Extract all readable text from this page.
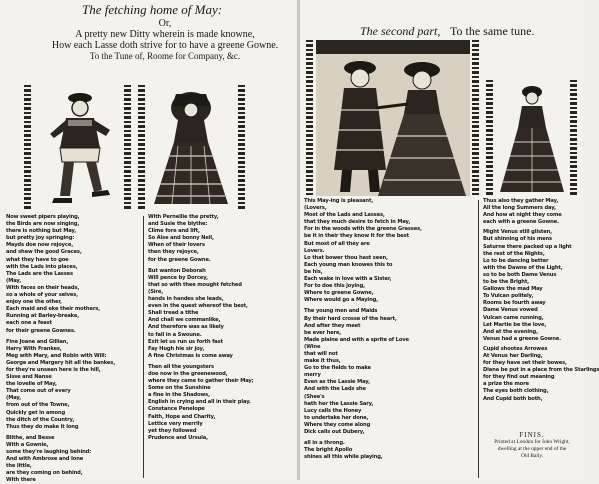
The fetching home of May:
Or,
A pretty new Ditty wherein is made knowne,
How each Lasse doth strive for to have a greene Gowne.
To the Tune of, Roome for Company, &c.
Now sweet pipers playing,
the Birds are now singing,
there is nothing but May,
but pretty joy springing:
Mayds doe now rejoyce,
and shew the good Graces,
what they have to goe
with the Lads into places,
The Lads are the Lasses
(May,
With faces on their heads,
so a whole of your selves,
enjoy one the other,
Each maid and eke their mothers,
Running at Barley-breake,
each one a feast
for their greene Gownes.
Fine Joane and Gillian,
Harry With Frankes,
Meg with Mary, and Robin with Will:
George and Margery hit all the bankes,
for they're unseen here is the hill,
Sisse and Nanse
the lovelie of May,
That come out of every
(May,
from out of the Towne,
Quickly get in among
the ditch of the Country,
Thus they do make it long
Blithe, and Besse
With a Gownie,
some they're laughing behind:
And with Ambrose and Ione
the little,
are they coming on behind,
With there
With Pernellie the pretty,
and Susie the blythe:
Clime fore and lift,
So Alse and bonny Nell,
When of their lovers
then they rejoyce,
for the greene Gowne.
But wanton Deborah
Will pence by Dorcey,
that so with thee mought fetched
(Sire,
hands in handes she leads,
even in the quest whereof the best,
Shall tread a tithe
And chall we commanlike,
And therefore was as likely
to fall in a Swoune.
Exit let us run us forth fast
Fay Hugh hie sir joy,
A fine Christmas is come away
Then all the youngsters
doe now in the greenewood,
where they came to gather their May;
Some on the Sunshine
a fine in the Shadows,
English in crying and all in their play.
Constance Penelope
Faith, Hope and Charity,
Lettice very merrily
yet they followed
Prudence and Ursula,
The second part, To the same tune.
This May-ing is pleasant,
(Lovers,
Most of the Lads and Lasses,
that they much desire to fetch in May,
For in the woods with the greene Grasses,
be it in their they know it for the best
But most of all they are
Lovers.
Lo that bower thou hast seen,
Each young man knowes this to
be his,
Each wake in love with a Sister,
For to doe this joying,
Where to greene Gowne,
Where would go a Maying,
The young men and Maids
By their hard crosse of the heart,
And after they meet
be ever here,
Made plaine and with a sprite of Love
(Wine
that will not
make it thus,
Go to the fields to make
merry
Even as the Lassie May,
And with the Lads she
(Shee's
hath her the Lassie Sary,
Lucy calls the Honey
to undertake her done,
Where they come along
Dick calls out Dubery,
all in a throng.
The bright Apollo
shines all this while playing,
Thus also they gather May,
All the long Summers day,
And how at night they come
each with a greene Gowne.
Might Venus still glisten,
But shinning of his mens
Saturne there packed up a light
the rest of the Nights,
Lo to be dancing better
with the Dawne of the Light,
so to be both Dame Venus
to be the Bright,
Gallows the mad May
To Vulcan politely,
Rooms be fourth away
Dame Venus vowed
Vulcan came running,
Let Martie be the love,
And at the evening,
Venus had a greene Gowne.
Cupid shootes Arrowes
At Venus her Darling,
for they have set their bowes,
Diana be put in a place from the Starlings
for they find out meaning
a prize the more
The eyes both clothing,
And Cupid both both,
FINIS.
Printed at London for Iohn Wright,
dwelling at the upper end of the
Old Baily.
